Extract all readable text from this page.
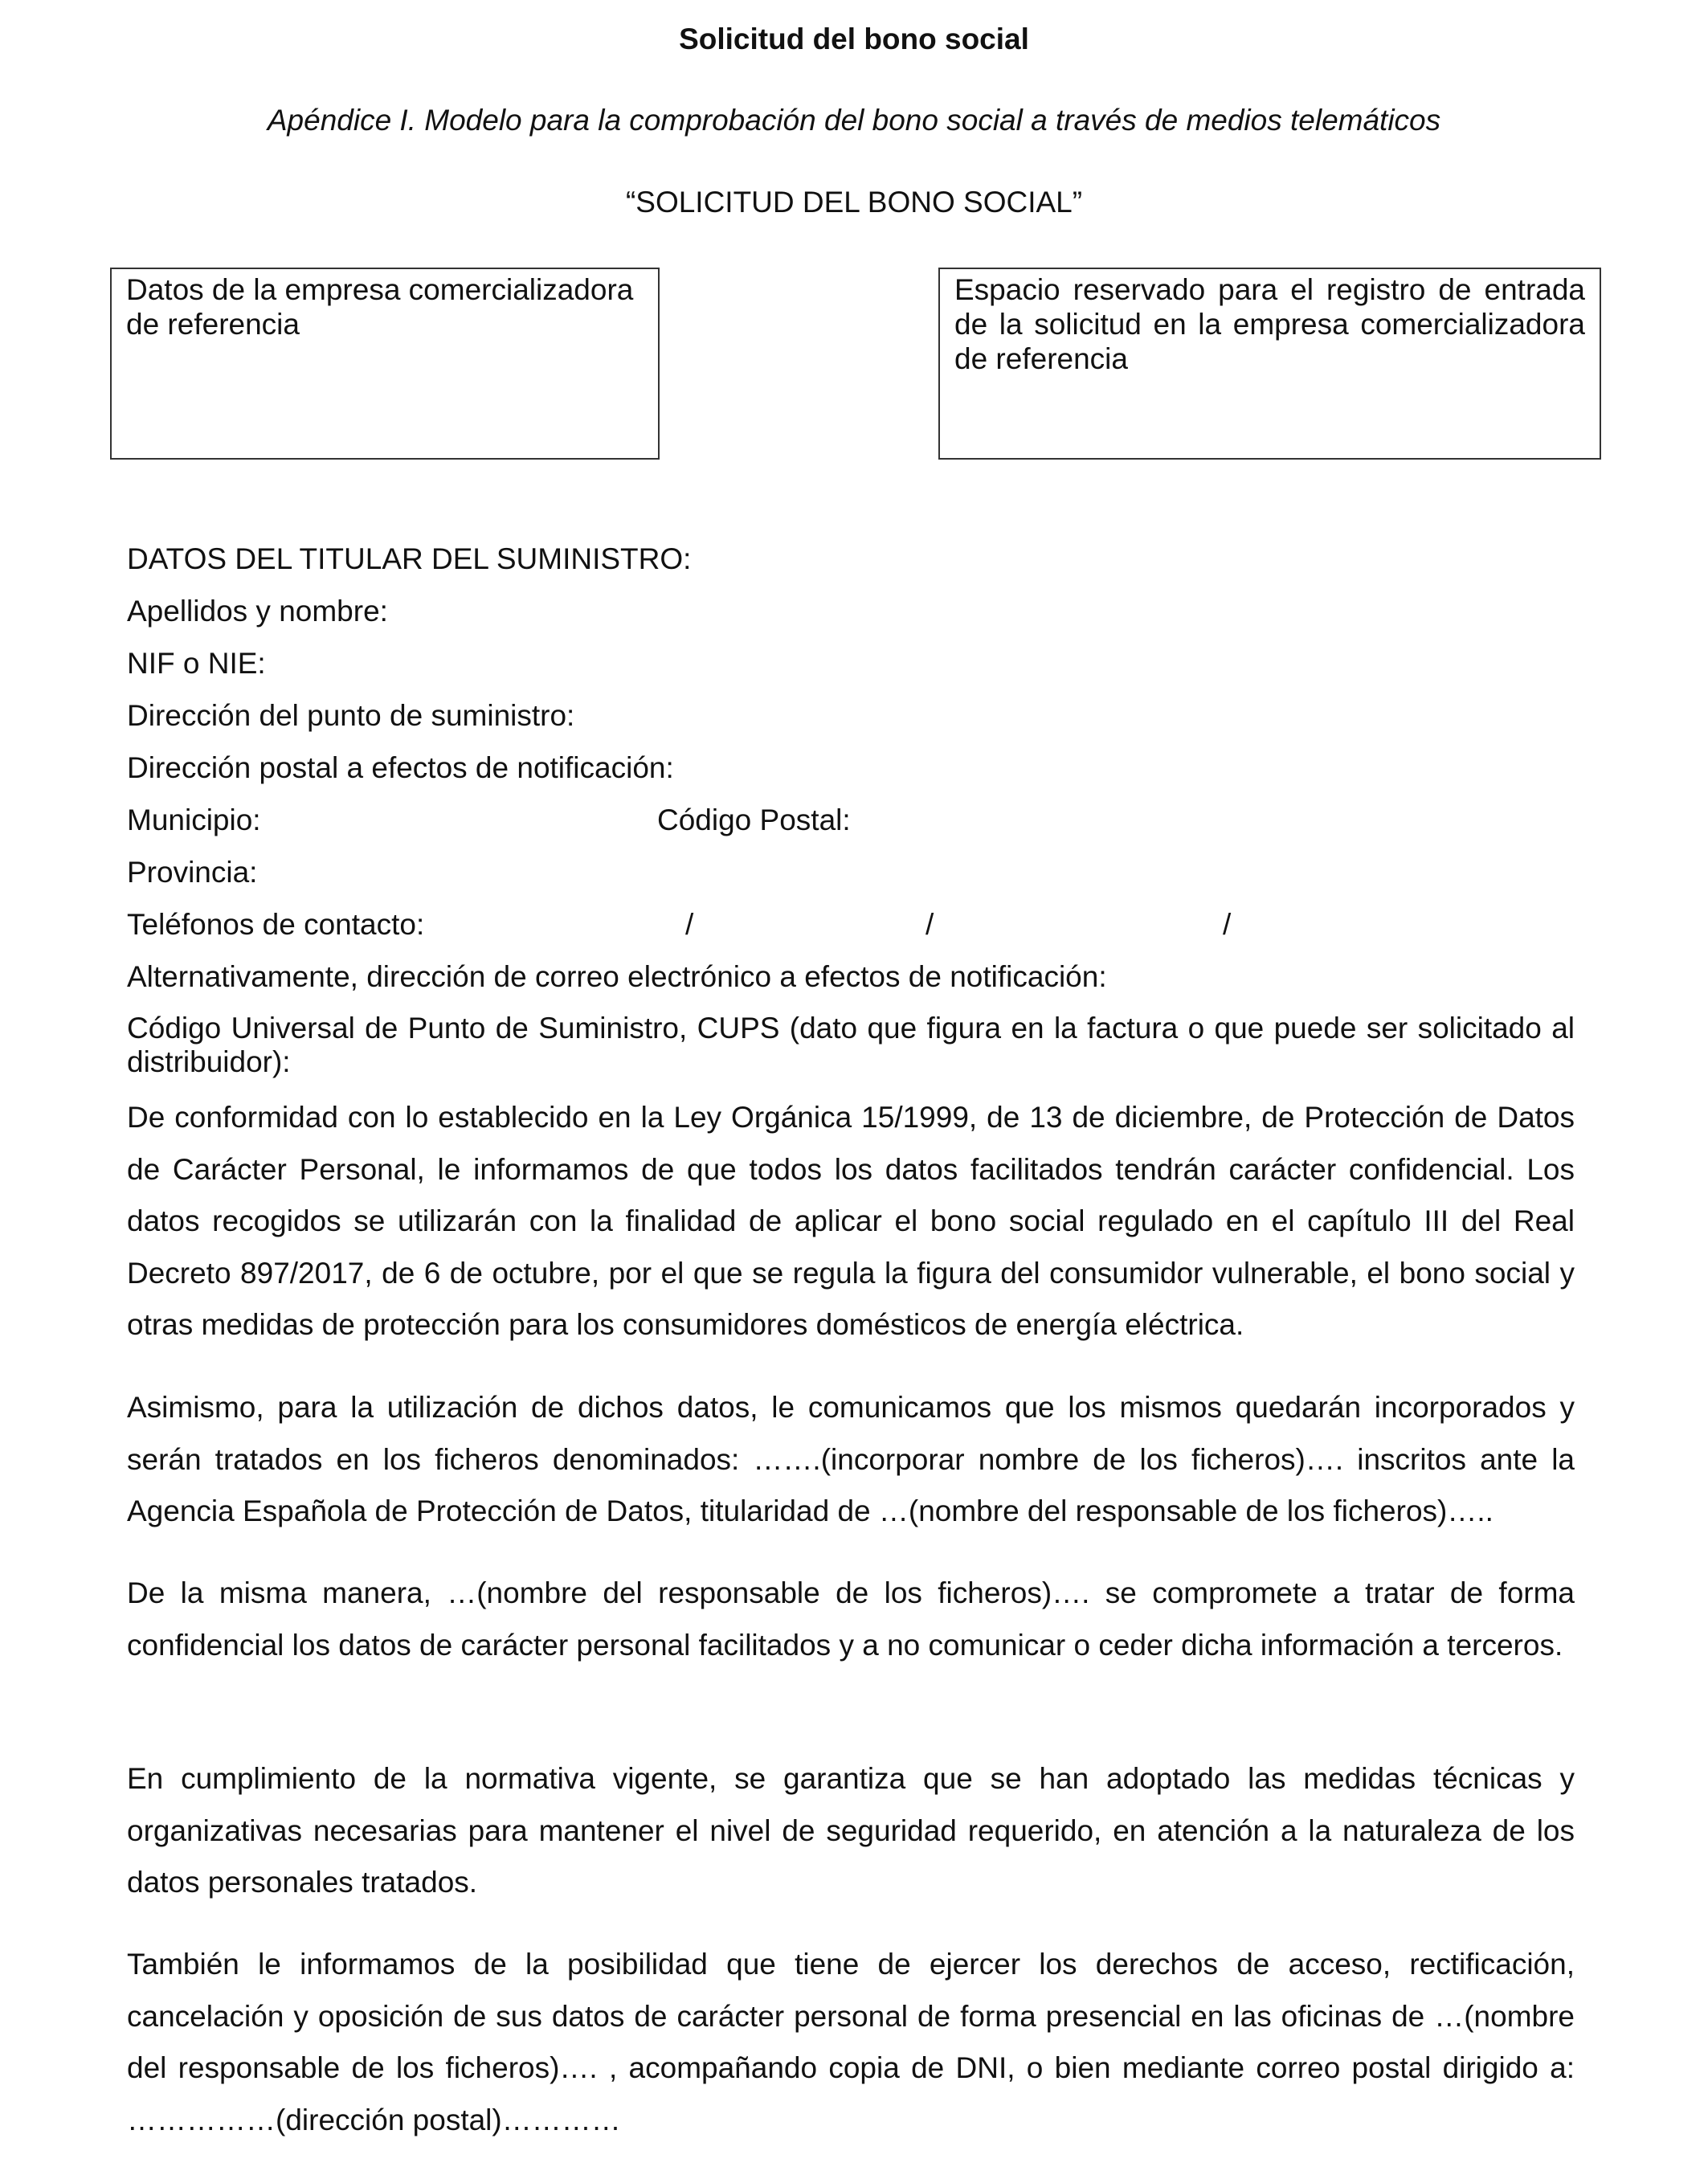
Solicitud del bono social
Apéndice I. Modelo para la comprobación del bono social a través de medios telemáticos
“SOLICITUD DEL BONO SOCIAL”
Datos de la empresa comercializadora de referencia
Espacio reservado para el registro de entrada de la solicitud en la empresa comercializadora de referencia
DATOS DEL TITULAR DEL SUMINISTRO:
Apellidos y nombre:
NIF o NIE:
Dirección del punto de suministro:
Dirección postal a efectos de notificación:
Municipio:	Código Postal:
Provincia:
Teléfonos de contacto:	/	/	/
Alternativamente, dirección de correo electrónico a efectos de notificación:
Código Universal de Punto de Suministro, CUPS (dato que figura en la factura o que puede ser solicitado al distribuidor):
De conformidad con lo establecido en la Ley Orgánica 15/1999, de 13 de diciembre, de Protección de Datos de Carácter Personal, le informamos de que todos los datos facilitados tendrán carácter confidencial. Los datos recogidos se utilizarán con la finalidad de aplicar el bono social regulado en el capítulo III del Real Decreto 897/2017, de 6 de octubre, por el que se regula la figura del consumidor vulnerable, el bono social y otras medidas de protección para los consumidores domésticos de energía eléctrica.
Asimismo, para la utilización de dichos datos, le comunicamos que los mismos quedarán incorporados y serán tratados en los ficheros denominados: …….(incorporar nombre de los ficheros)…. inscritos ante la Agencia Española de Protección de Datos, titularidad de …(nombre del responsable de los ficheros)…..
De la misma manera, …(nombre del responsable de los ficheros)…. se compromete a tratar de forma confidencial los datos de carácter personal facilitados y a no comunicar o ceder dicha información a terceros.
En cumplimiento de la normativa vigente, se garantiza que se han adoptado las medidas técnicas y organizativas necesarias para mantener el nivel de seguridad requerido, en atención a la naturaleza de los datos personales tratados.
También le informamos de la posibilidad que tiene de ejercer los derechos de acceso, rectificación, cancelación y oposición de sus datos de carácter personal de forma presencial en las oficinas de …(nombre del responsable de los ficheros)…. , acompañando copia de DNI, o bien mediante correo postal dirigido a: ……………(dirección postal)…………
